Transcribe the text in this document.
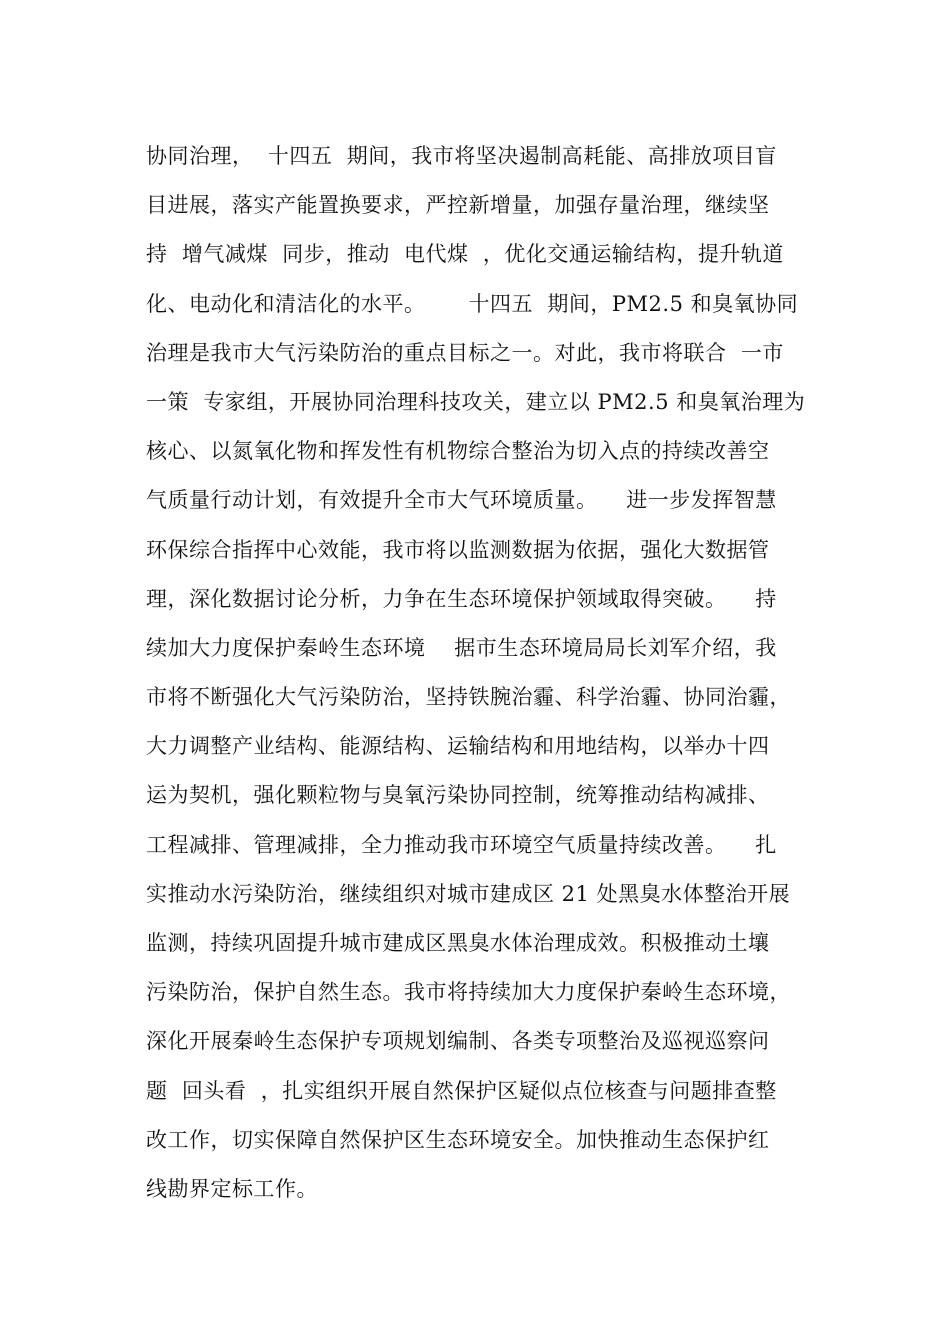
协同治理，  十四五  期间，我市将坚决遏制高耗能、高排放项目盲
目进展，落实产能置换要求，严控新增量，加强存量治理，继续坚
持  增气减煤  同步，推动  电代煤  ，优化交通运输结构，提升轨道
化、电动化和清洁化的水平。      十四五  期间，PM2.5 和臭氧协同
治理是我市大气污染防治的重点目标之一。对此，我市将联合  一市
一策  专家组，开展协同治理科技攻关，建立以 PM2.5 和臭氧治理为
核心、以氮氧化物和挥发性有机物综合整治为切入点的持续改善空
气质量行动计划，有效提升全市大气环境质量。    进一步发挥智慧
环保综合指挥中心效能，我市将以监测数据为依据，强化大数据管
理，深化数据讨论分析，力争在生态环境保护领域取得突破。    持
续加大力度保护秦岭生态环境    据市生态环境局局长刘军介绍，我
市将不断强化大气污染防治，坚持铁腕治霾、科学治霾、协同治霾，
大力调整产业结构、能源结构、运输结构和用地结构，以举办十四
运为契机，强化颗粒物与臭氧污染协同控制，统筹推动结构减排、
工程减排、管理减排，全力推动我市环境空气质量持续改善。    扎
实推动水污染防治，继续组织对城市建成区 21 处黑臭水体整治开展
监测，持续巩固提升城市建成区黑臭水体治理成效。积极推动土壤
污染防治，保护自然生态。我市将持续加大力度保护秦岭生态环境，
深化开展秦岭生态保护专项规划编制、各类专项整治及巡视巡察问
题  回头看  ，扎实组织开展自然保护区疑似点位核查与问题排查整
改工作，切实保障自然保护区生态环境安全。加快推动生态保护红
线勘界定标工作。
